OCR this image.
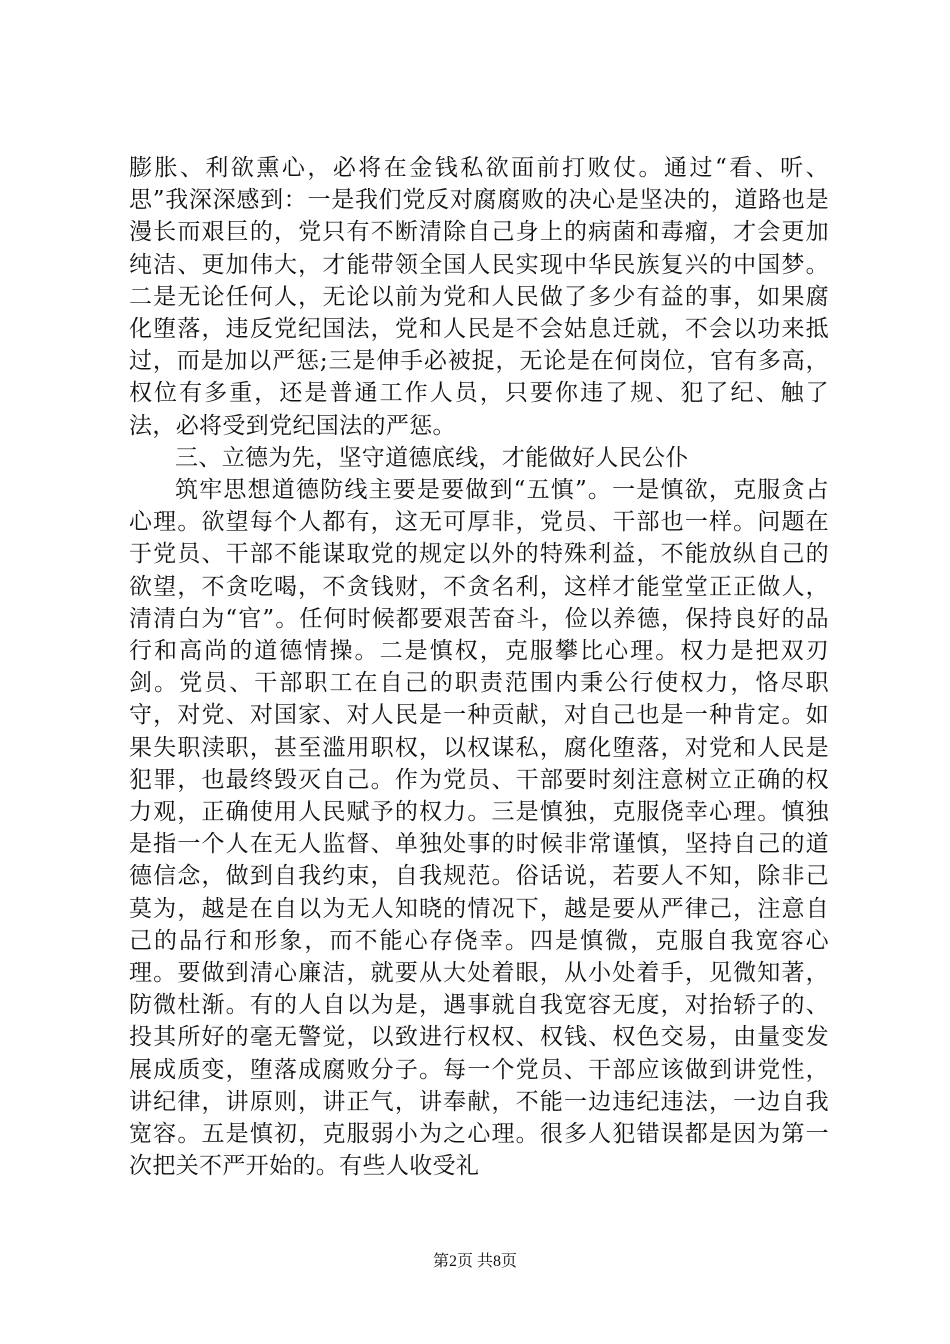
膨胀、利欲熏心，必将在金钱私欲面前打败仗。通过“看、听、思”我深深感到：一是我们党反对腐腐败的决心是坚决的，道路也是漫长而艰巨的，党只有不断清除自己身上的病菌和毒瘤，才会更加纯洁、更加伟大，才能带领全国人民实现中华民族复兴的中国梦。二是无论任何人，无论以前为党和人民做了多少有益的事，如果腐化堕落，违反党纪国法，党和人民是不会姑息迁就，不会以功来抵过，而是加以严惩;三是伸手必被捉，无论是在何岗位，官有多高，权位有多重，还是普通工作人员，只要你违了规、犯了纪、触了法，必将受到党纪国法的严惩。

三、立德为先，坚守道德底线，才能做好人民公仆

筑牢思想道德防线主要是要做到“五慎”。一是慎欲，克服贪占心理。欲望每个人都有，这无可厚非，党员、干部也一样。问题在于党员、干部不能谋取党的规定以外的特殊利益，不能放纵自己的欲望，不贪吃喝，不贪钱财，不贪名利，这样才能堂堂正正做人，清清白为“官”。任何时候都要艰苦奋斗，俭以养德，保持良好的品行和高尚的道德情操。二是慎权，克服攀比心理。权力是把双刃剑。党员、干部职工在自己的职责范围内秉公行使权力，恪尽职守，对党、对国家、对人民是一种贡献，对自己也是一种肯定。如果失职渎职，甚至滥用职权，以权谋私，腐化堕落，对党和人民是犯罪，也最终毁灭自己。作为党员、干部要时刻注意树立正确的权力观，正确使用人民赋予的权力。三是慎独，克服侥幸心理。慎独是指一个人在无人监督、单独处事的时候非常谨慎，坚持自己的道德信念，做到自我约束，自我规范。俗话说，若要人不知，除非己莫为，越是在自以为无人知晓的情况下，越是要从严律己，注意自己的品行和形象，而不能心存侥幸。四是慎微，克服自我宽容心理。要做到清心廉洁，就要从大处着眼，从小处着手，见微知著，防微杜渐。有的人自以为是，遇事就自我宽容无度，对抬轿子的、投其所好的毫无警觉，以致进行权权、权钱、权色交易，由量变发展成质变，堕落成腐败分子。每一个党员、干部应该做到讲党性，讲纪律，讲原则，讲正气，讲奉献，不能一边违纪违法，一边自我宽容。五是慎初，克服弱小为之心理。很多人犯错误都是因为第一次把关不严开始的。有些人收受礼

第2页 共8页
